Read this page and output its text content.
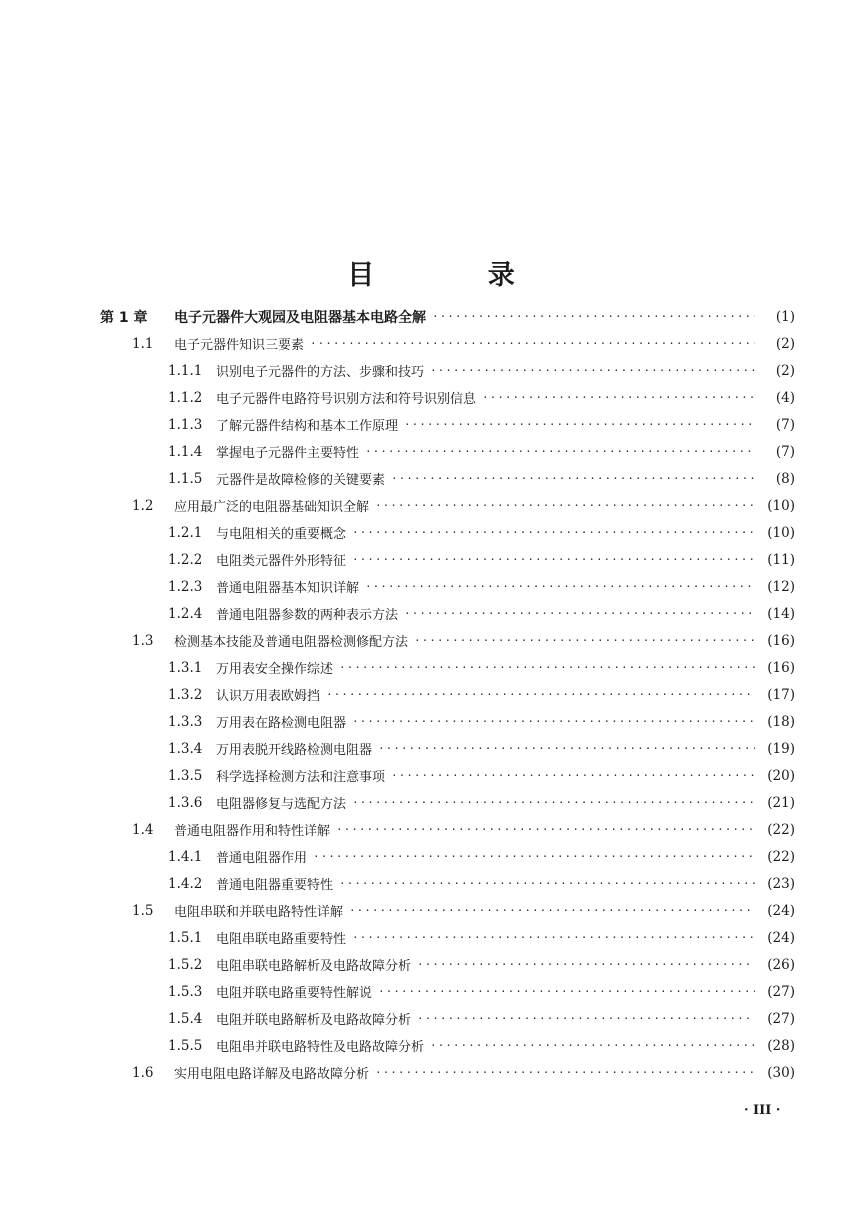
目 录
第 1 章	电子元器件大观园及电阻器基本电路全解 ·····	(1)
1.1	电子元器件知识三要素 ·····	(2)
1.1.1	识别电子元器件的方法、步骤和技巧 ·····	(2)
1.1.2	电子元器件电路符号识别方法和符号识别信息 ·····	(4)
1.1.3	了解元器件结构和基本工作原理 ·····	(7)
1.1.4	掌握电子元器件主要特性 ·····	(7)
1.1.5	元器件是故障检修的关键要素 ·····	(8)
1.2	应用最广泛的电阻器基础知识全解 ·····	(10)
1.2.1	与电阻相关的重要概念 ·····	(10)
1.2.2	电阻类元器件外形特征 ·····	(11)
1.2.3	普通电阻器基本知识详解 ·····	(12)
1.2.4	普通电阻器参数的两种表示方法 ·····	(14)
1.3	检测基本技能及普通电阻器检测修配方法 ·····	(16)
1.3.1	万用表安全操作综述 ·····	(16)
1.3.2	认识万用表欧姆挡 ·····	(17)
1.3.3	万用表在路检测电阻器 ·····	(18)
1.3.4	万用表脱开线路检测电阻器 ·····	(19)
1.3.5	科学选择检测方法和注意事项 ·····	(20)
1.3.6	电阻器修复与选配方法 ·····	(21)
1.4	普通电阻器作用和特性详解 ·····	(22)
1.4.1	普通电阻器作用 ·····	(22)
1.4.2	普通电阻器重要特性 ·····	(23)
1.5	电阻串联和并联电路特性详解 ·····	(24)
1.5.1	电阻串联电路重要特性 ·····	(24)
1.5.2	电阻串联电路解析及电路故障分析 ·····	(26)
1.5.3	电阻并联电路重要特性解说 ·····	(27)
1.5.4	电阻并联电路解析及电路故障分析 ·····	(27)
1.5.5	电阻串并联电路特性及电路故障分析 ·····	(28)
1.6	实用电阻电路详解及电路故障分析 ·····	(30)
· III ·
